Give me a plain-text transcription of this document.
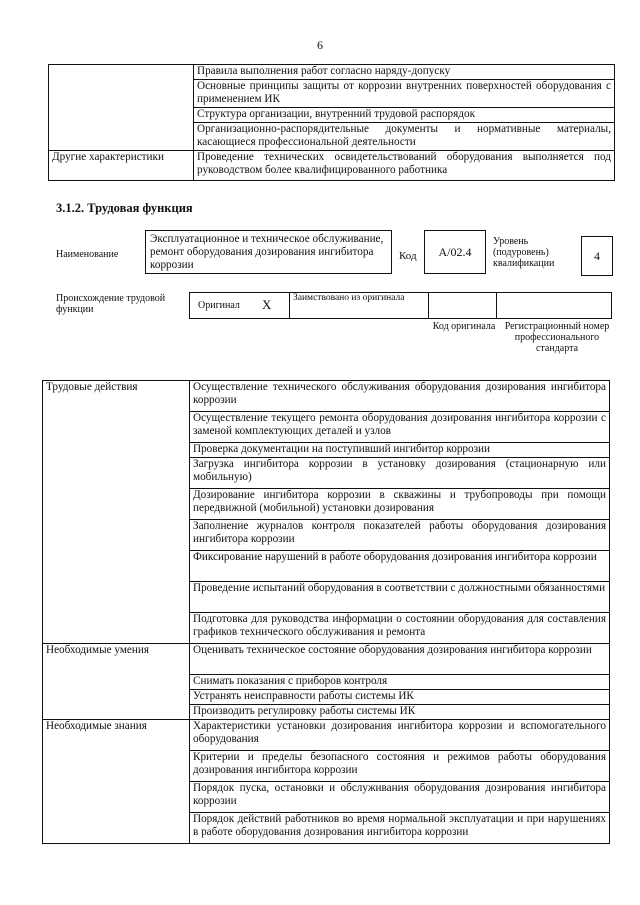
6
	Правила выполнения работ согласно наряду-допуску
	Основные принципы защиты от коррозии внутренних поверхностей оборудования с применением ИК
	Структура организации, внутренний трудовой распорядок
	Организационно-распорядительные документы и нормативные материалы, касающиеся профессиональной деятельности
Другие характеристики	Проведение технических освидетельствований оборудования выполняется под руководством более квалифицированного работника
3.1.2. Трудовая функция
Наименование
Эксплуатационное и техническое обслуживание, ремонт оборудования дозирования ингибитора коррозии
Код	А/02.4
Уровень (подуровень) квалификации
4
Происхождение трудовой функции	Оригинал X	Заимствовано из оригинала
Код оригинала Регистрационный номер профессионального стандарта
Трудовые действия	Осуществление технического обслуживания оборудования дозирования ингибитора коррозии
	Осуществление текущего ремонта оборудования дозирования ингибитора коррозии с заменой комплектующих деталей и узлов
	Проверка документации на поступивший ингибитор коррозии
	Загрузка ингибитора коррозии в установку дозирования (стационарную или мобильную)
	Дозирование ингибитора коррозии в скважины и трубопроводы при помощи передвижной (мобильной) установки дозирования
	Заполнение журналов контроля показателей работы оборудования дозирования ингибитора коррозии
	Фиксирование нарушений в работе оборудования дозирования ингибитора коррозии
	Проведение испытаний оборудования в соответствии с должностными обязанностями
	Подготовка для руководства информации о состоянии оборудования для составления графиков технического обслуживания и ремонта
Необходимые умения	Оценивать техническое состояние оборудования дозирования ингибитора коррозии
	Снимать показания с приборов контроля
	Устранять неисправности работы системы ИК
	Производить регулировку работы системы ИК
Необходимые знания	Характеристики установки дозирования ингибитора коррозии и вспомогательного оборудования
	Критерии и пределы безопасного состояния и режимов работы оборудования дозирования ингибитора коррозии
	Порядок пуска, остановки и обслуживания оборудования дозирования ингибитора коррозии
	Порядок действий работников во время нормальной эксплуатации и при нарушениях в работе оборудования дозирования ингибитора коррозии
